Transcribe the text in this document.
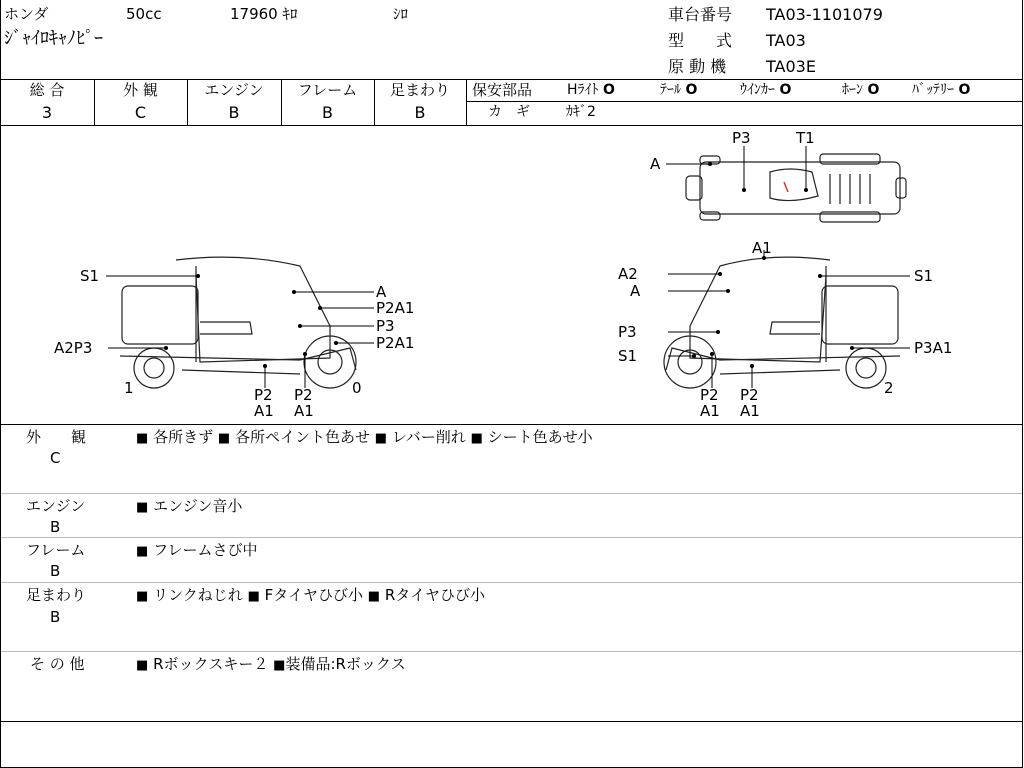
ホンダ	50cc	17960 ｷﾛ	ｼﾛ
ｼﾞｬｲﾛｷｬﾉﾋﾟｰ
車台番号 TA03-1101079
型　　式 TA03
原 動 機 TA03E
総 合	外 観	エンジン	フレーム	足まわり
3	C	B	B	B
保安部品 Hﾗｲﾄ O	ﾃｰﾙ O	ｳｲﾝｶｰ O	ﾎｰﾝ O ﾊﾞｯﾃﾘｰ O
カ　ギ	ｶｷﾞ2
A
P3	T1
S1
A
P2A1
P3
P2A1
A2P3
P2
A1
P2
A1
1	0
A1
A2
A
S1
P3
S1	P3A1
P2
A1
P2
A1
2
外　　観
C
■ 各所きず ■ 各所ペイント色あせ ■ レバー削れ ■ シート色あせ小
エンジン
B
■ エンジン音小
フレーム
B
■ フレームさび中
足まわり
B
■ リンクねじれ ■ Fタイヤひび小 ■ Rタイヤひび小
そ の 他	■ Rボックスキー２ ■装備品:Rボックス
